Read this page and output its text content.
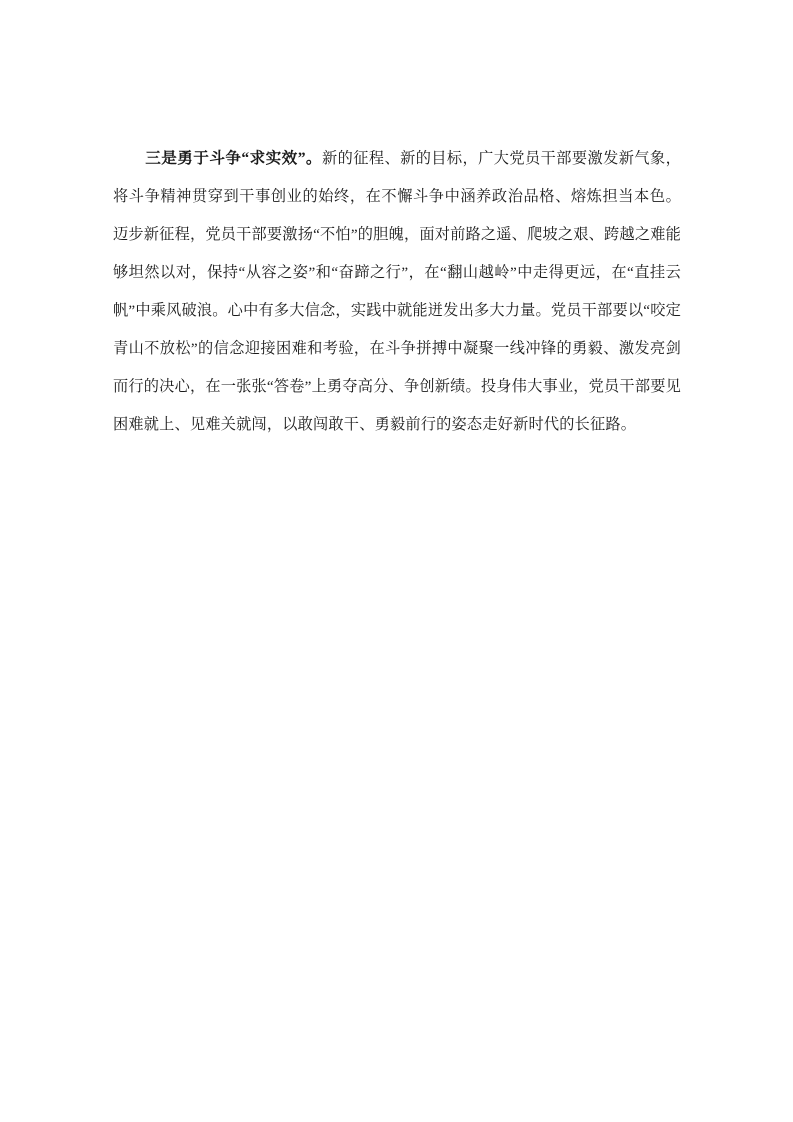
三是勇于斗争“求实效”。新的征程、新的目标，广大党员干部要激发新气象，将斗争精神贯穿到干事创业的始终，在不懈斗争中涵养政治品格、熔炼担当本色。迈步新征程，党员干部要激扬“不怕”的胆魄，面对前路之遥、爬坡之艰、跨越之难能够坦然以对，保持“从容之姿”和“奋蹄之行”，在“翻山越岭”中走得更远，在“直挂云帆”中乘风破浪。心中有多大信念，实践中就能迸发出多大力量。党员干部要以“咬定青山不放松”的信念迎接困难和考验，在斗争拼搏中凝聚一线冲锋的勇毅、激发亮剑而行的决心，在一张张“答卷”上勇夺高分、争创新绩。投身伟大事业，党员干部要见困难就上、见难关就闯，以敢闯敢干、勇毅前行的姿态走好新时代的长征路。
